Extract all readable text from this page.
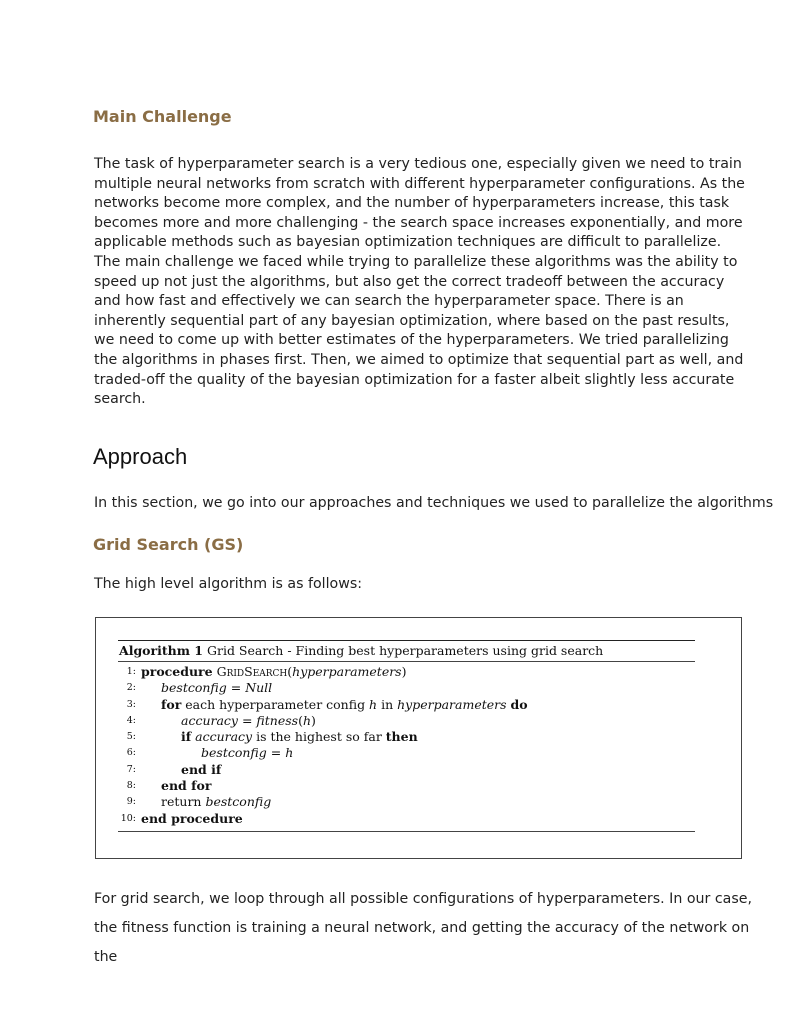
Main Challenge

The task of hyperparameter search is a very tedious one, especially given we need to train multiple neural networks from scratch with different hyperparameter configurations. As the networks become more complex, and the number of hyperparameters increase, this task becomes more and more challenging - the search space increases exponentially, and more applicable methods such as bayesian optimization techniques are difficult to parallelize.

The main challenge we faced while trying to parallelize these algorithms was the ability to speed up not just the algorithms, but also get the correct tradeoff between the accuracy and how fast and effectively we can search the hyperparameter space. There is an inherently sequential part of any bayesian optimization, where based on the past results, we need to come up with better estimates of the hyperparameters. We tried parallelizing the algorithms in phases first. Then, we aimed to optimize that sequential part as well, and traded-off the quality of the bayesian optimization for a faster albeit slightly less accurate search.

Approach

In this section, we go into our approaches and techniques we used to parallelize the algorithms

Grid Search (GS)

The high level algorithm is as follows:

Algorithm 1 Grid Search - Finding best hyperparameters using grid search
1: procedure GridSearch(hyperparameters)
2:	bestconfig = Null
3:	for each hyperparameter config h in hyperparameters do
4:	accuracy = fitness(h)
5:	if accuracy is the highest so far then
6:	bestconfig = h
7:	end if
8:	end for
9:	return bestconfig
10: end procedure

For grid search, we loop through all possible configurations of hyperparameters. In our case, the fitness function is training a neural network, and getting the accuracy of the network on the
